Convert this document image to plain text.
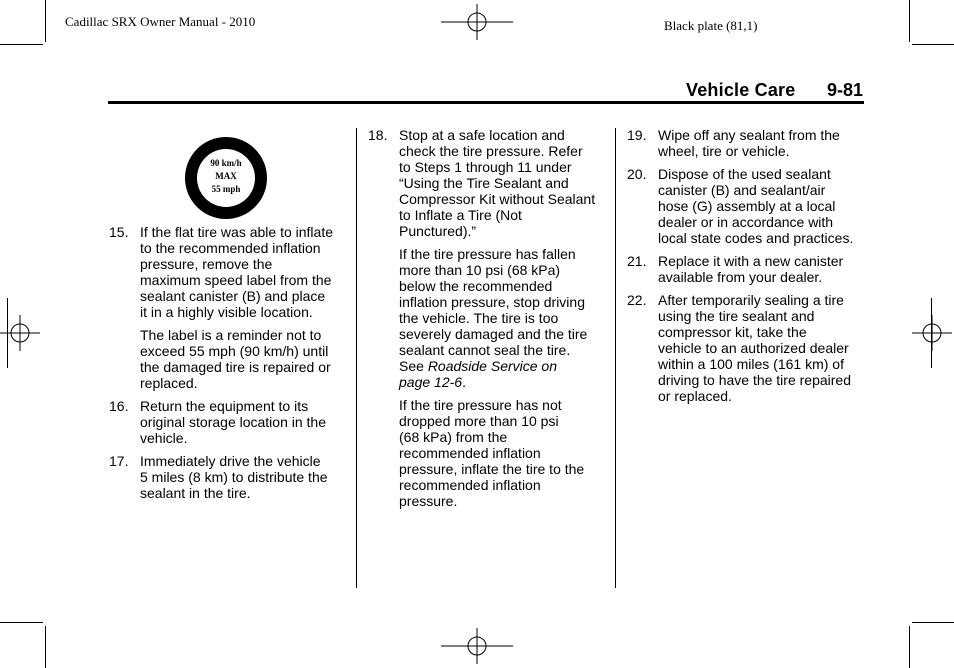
Cadillac SRX Owner Manual - 2010	Black plate (81,1)
Vehicle Care 9-81
90 km/h
MAX
55 mph
15. If the flat tire was able to inflate
to the recommended inflation
pressure, remove the
maximum speed label from the
sealant canister (B) and place
it in a highly visible location.
The label is a reminder not to
exceed 55 mph (90 km/h) until
the damaged tire is repaired or
replaced.
16. Return the equipment to its
original storage location in the
vehicle.
17. Immediately drive the vehicle
5 miles (8 km) to distribute the
sealant in the tire.
18. Stop at a safe location and
check the tire pressure. Refer
to Steps 1 through 11 under
“Using the Tire Sealant and
Compressor Kit without Sealant
to Inflate a Tire (Not
Punctured).”
If the tire pressure has fallen
more than 10 psi (68 kPa)
below the recommended
inflation pressure, stop driving
the vehicle. The tire is too
severely damaged and the tire
sealant cannot seal the tire.
See Roadside Service on
page 12‑6.
If the tire pressure has not
dropped more than 10 psi
(68 kPa) from the
recommended inflation
pressure, inflate the tire to the
recommended inflation
pressure.
19. Wipe off any sealant from the
wheel, tire or vehicle.
20. Dispose of the used sealant
canister (B) and sealant/air
hose (G) assembly at a local
dealer or in accordance with
local state codes and practices.
21. Replace it with a new canister
available from your dealer.
22. After temporarily sealing a tire
using the tire sealant and
compressor kit, take the
vehicle to an authorized dealer
within a 100 miles (161 km) of
driving to have the tire repaired
or replaced.
